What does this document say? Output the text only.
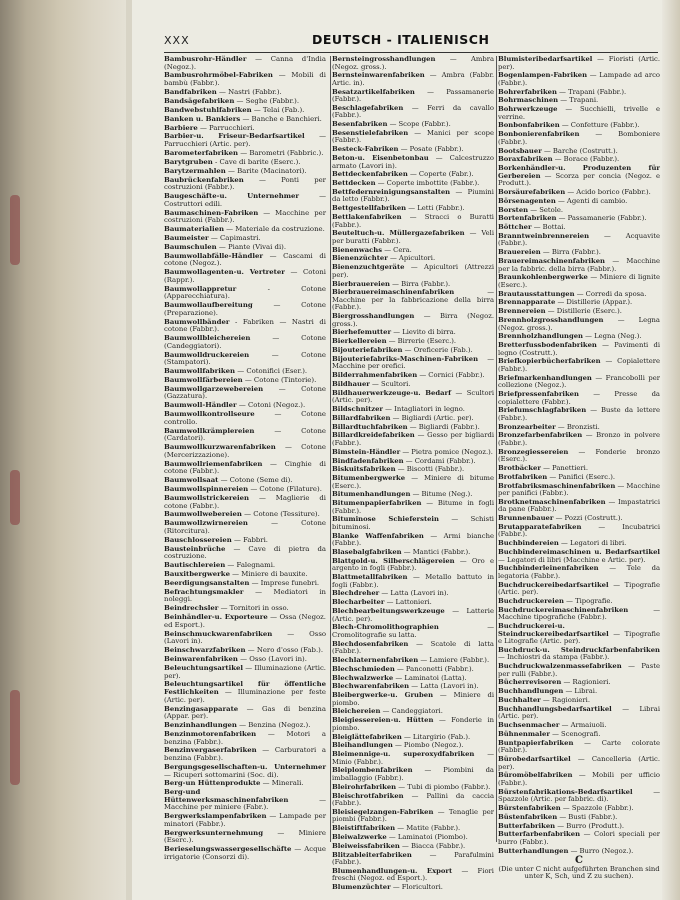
XXX	DEUTSCH - ITALIENISCH
Bambusrohr-Händler — Canna d'India (Negoz.).
Bambusrohrmöbel-Fabriken — Mobili di bambù (Fabbr.).
Bandfabriken — Nastri (Fabbr.).
Bandsägefabriken — Seghe (Fabbr.).
Bandwebstuhlfabriken — Telai (Fab.).
Banken u. Bankiers — Banche e Banchieri.
Barbiere — Parrucchieri.
Barbier-u. Friseur-Bedarfsartikel — Parrucchieri (Artic. per).
Barometerfabriken — Barometri (Fabbric.).
Barytgruben - Cave di barite (Eserc.).
Barytzermahlen — Barite (Macinatori).
Baubrückenfabriken — Ponti per costruzioni (Fabbr.).
Baugeschäfte-u. Unternehmer	— Costruttori edili.
Baumaschinen-Fabriken — Macchine per costruzioni (Fabbr.).
Baumaterialien — Materiale da costruzione.
Baumeister — Capimastri.
Baumschulen — Piante (Vivai di).
Baumwollabfälle-Händler — Cascami di cotone (Negoz.).
Baumwollagenten-u. Vertreter — Cotoni (Rappr.).
Baumwollappretur	- Cotone (Apparecchiatura).
Baumwollaufbereitung	— Cotone (Preparazione).
Baumwollbänder - Fabriken — Nastri di cotone (Fabbr.).
Baumwollbleichereien	— Cotone (Candeggiatori).
Baumwolldruckereien	— Cotone (Stampatori).
Baumwollfabriken — Cotonifici (Eser.).
Baumwollfärbereien — Cotone (Tintorie).
Baumwollgarzewebereien — Cotone (Gazzatura).
Baumwoll-Händler — Cotoni (Negoz.).
Baumwollkontrollseure	— Cotone controllo.
Baumwollkrämplereien	— Cotone (Cardatori).
Baumwollkurzwarenfabriken — Cotone (Mercerizzazione).
Baumwollriemenfabriken — Cinghie di cotone (Fabbr.).
Baumwollsaat — Cotone (Seme di).
Baumwollspinnereien — Cotone (Filature).
Baumwollstrickereien — Maglierie di cotone (Fabbr.).
Baumwollwebereien — Cotone (Tessiture).
Baumwollzwirnereien	— Cotone (Ritorcitura).
Bauschlossereien — Fabbri.
Bausteinbrüche — Cave di pietra da costruzione.
Bautischlereien — Falegnami.
Bauxitbergwerke — Miniere di bauxite.
Beerdigungsanstalten — Imprese funebri.
Befrachtungsmakler — Mediatori in noleggi.
Beindrechsler — Tornitori in osso.
Beinhändler-u. Exporteure — Ossa (Negoz. ed Esport.).
Beinschmuckwarenfabriken — Osso (Lavori in).
Beinschwarzfabriken — Nero d'osso (Fab.).
Beinwarenfabriken — Osso (Lavori in).
Beleuchtungsartikel — Illuminazione (Artic. per).
Beleuchtungsartikel für öffentliche Festlichkeiten — Illuminazione per feste (Artic. per).
Benzingasapparate — Gas di benzina (Appar. per).
Benzinhandlungen — Benzina (Negoz.).
Benzinmotorenfabriken — Motori a benzina (Fabbr.).
Benzinvergaserfabriken — Carburatori a benzina (Fabbr.).
Bergungsgesellschaften-u. Unternehmer — Ricuperi sottomarini (Soc. di).
Berg-un Hüttenprodukte — Minerali.
Berg-und Hüttenwerksmaschinenfabriken	— Macchine per miniere (Fabr.).
Bergwerkslampenfabriken — Lampade per minatori (Fabbr.).
Bergwerksunternehmung — Miniere (Eserc.).
Berieselungswassergesellschäfte — Acque irrigatorie (Consorzi di).
Bernsteingrosshandlungen — Ambra (Negoz. gross.).
Bernsteinwarenfabriken — Ambra (Fabbr. Artic. in).
Besatzartikelfabriken — Passamanerie (Fabbr.).
Beschlagefabriken — Ferri da cavallo (Fabbr.).
Besenfabriken — Scope (Fabbr.).
Besenstielefabriken — Manici per scope (Fabbr.).
Besteck-Fabriken — Posate (Fabbr.).
Beton-u. Eisenbetonbau — Calcestruzzo armato (Lavori in).
Bettdeckenfabriken — Coperte (Fabr.).
Bettdecken — Coperte imbottite (Fabbr.).
Bettfedernreinigungsanstalten — Piumini da letto (Fabbr.).
Bettgestellfabriken — Letti (Fabbr.).
Bettlakenfabriken — Stracci o Buratti (Fabbr.).
Beuteltuch-u. Müllergazefabriken — Veli per buratti (Fabbr.).
Bienenwachs — Cera.
Bienenzüchter — Apicultori.
Bienenzuchtgeräte — Apicultori (Attrezzi per).
Bierbrauereien — Birra (Fabbr.).
Bierbrauereimaschinenfabriken	— Macchine per la fabbricazione della birra (Fabbr.).
Biergrosshandlungen — Birra (Negoz. gross.).
Bierhefemutter — Lievito di birra.
Bierkellereien — Birrerie (Eserc.).
Bijouteriefabriken — Oreficerie (Fab.).
Bijouteriefabriks-Maschinen-Fabriken — Macchine per orefici.
Bilderrahmenfabriken — Cornici (Fabbr.).
Bildhauer — Scultori.
Bildhauerwerkzeuge-u. Bedarf — Scultori (Artic. per).
Bildschnitzer — Intagliatori in legno.
Billardfabriken — Bigliardi (Artic. per).
Billardtuchfabriken — Bigliardi (Fabbr.).
Billardkreidefabriken — Gesso per bigliardi (Fabbr.).
Bimstein-Händler — Pietra pomice (Negoz.).
Bindfadenfabriken — Cordami (Fabbr.).
Biskuitsfabriken — Biscotti (Fabbr.).
Bitumenbergwerke — Miniere di bitume (Eserc.).
Bitumenhandlungen — Bitume (Neg.).
Bitumenpapierfabriken — Bitume in fogli (Fabbr.).
Bituminose Schieferstein — Schisti bituminosi.
Blanke Waffenfabriken — Armi bianche (Fabbr.).
Blasebalgfabriken — Mantici (Fabbr.).
Blattgold-u. Silberschlägereien — Oro e argento in fogli (Fabbr.).
Blattmetallfabriken — Metallo battuto in fogli (Fabbr.).
Blechdreher — Latta (Lavori in).
Blecharbeiter — Lattonieri.
Blechbearbeitungswerkzeuge — Latterie (Artic. per).
Blech-Chromolithographien	— Cromolitografie su latta.
Blechdosenfabriken — Scatole di latta (Fabbr.).
Blechlaternenfabriken — Lamiere (Fabbr.).
Blechschmieden — Panconetti (Fabbr.).
Blechwalzwerke — Laminatoi (Latta).
Blechwarenfabriken — Latta (Lavori in).
Bleibergwerke-u. Gruben — Miniere di piombo.
Bleichereien — Candeggiatori.
Bleigiessereien-u. Hütten — Fonderie in piombo.
Bleiglättefabriken — Litargirio (Fab.).
Bleihandlungen — Piombo (Negoz.).
Bleimennige-u. superoxydfabriken — Minio (Fabbr.).
Bleiplombenfabriken — Piombini da imballaggio (Fabbr.).
Bleirohrfabriken — Tubi di piombo (Fabbr.).
Bleischrotfabriken — Pallini da caccia (Fabbr.).
Bleisiegelzangen-Fabriken — Tenaglie per piombi (Fabbr.).
Bleistiftfabriken — Matite (Fabbr.).
Bleiwalzwerke — Laminatoi (Piombo).
Bleiweissfabriken — Biacca (Fabbr.).
Blitzableiterfabriken	— Parafulmini (Fabbr.).
Blumenhandlungen-u. Export — Fiori freschi (Negoz. ed Esport.).
Blumenzüchter — Floricultori.
Blumisteribedarfsartikel — Fioristi (Artic. per).
Bogenlampen-Fabriken — Lampade ad arco (Fabbr.).
Bohrerfabriken — Trapani (Fabbr.).
Bohrmaschinen — Trapani.
Bohrwerkzeuge — Succhielli, trivelle e verrine.
Bonbonfabriken — Confetture (Fabbr.).
Bonbonierenfabriken — Bomboniere (Fabbr.).
Bootsbauer — Barche (Costrutt.).
Boraxfabriken — Borace (Fabbr.).
Borkenhändler-u. Produzenten für Gerbereien — Scorza per concia (Negoz. e Produtt.).
Borsäurefabriken — Acido borico (Fabbr.).
Börsenagenten — Agenti di cambio.
Borsten — Setole.
Bortenfabriken — Passamanerie (Fabbr.).
Böttcher — Bottai.
Branntweinbrennereien — Acquavite (Fabbr.).
Brauereien — Birra (Fabbr.).
Brauereimaschinenfabriken — Macchine per la fabbric. della birra (Fabbr.).
Braunkohlenbergwerke — Miniere di lignite (Eserc.).
Brautausstattungen — Corredi da sposa.
Brennapparate — Distillerie (Appar.).
Brennereien — Distillerie (Eserc.).
Brennholzgrosshandlungen — Legna (Negoz. gross.).
Brennholzhandlungen — Legna (Neg.).
Bretterfussbodenfabriken — Pavimenti di legno (Costrutt.).
Briefkopierbücherfabriken — Copialettere (Fabbr.).
Briefmarkenhandlungen — Francobolli per collezione (Negoz.).
Briefpressenfabriken — Presse da copialettere (Fabbr.).
Briefumschlagfabriken — Buste da lettere (Fabbr.).
Bronzearbeiter — Bronzisti.
Bronzefarbenfabriken — Bronzo in polvere (Fabbr.).
Bronzegiessereien — Fonderie bronzo (Eserc.).
Brotbäcker — Panettieri.
Brotfabriken — Panifici (Eserc.).
Brotfabriksmaschinenfabriken — Macchine per panifici (Fabbr.).
Brotknetmaschinenfabriken — Impastatrici da pane (Fabbr.).
Brunnenbauer — Pozzi (Costrutt.).
Brutapparatefabriken	— Incubatrici (Fabbr.).
Buchbindereien — Legatori di libri.
Buchbindereimaschinen u. Bedarfsartikel — Legatori di libri (Macchine e Artic. per).
Buchbinderleinenfabriken — Tele da legatoria (Fabbr.).
Buchdruckereibedarfsartikel — Tipografie (Artic. per).
Buchdruckereien — Tipografie.
Buchdruckereimaschinenfabriken	— Macchine tipografiche (Fabbr.).
Buchdruckerei-u. Steindruckereibedarfsartikel — Tipografie e Litografie (Artic. per).
Buchdruck-u. Steindruckfarbenfabriken — Inchiostri da stampa (Fabbr.).
Buchdruckwalzenmassefabriken — Paste per rulli (Fabbr.).
Bücherrevisoren — Ragionieri.
Buchhandlungen — Librai.
Buchhalter — Ragionieri.
Buchhandlungsbedarfsartikel — Librai (Artic. per).
Buchsenmacher — Armaiuoli.
Bühnenmaler — Scenografi.
Buntpapierfabriken — Carte colorate (Fabbr.).
Bürobedarfsartikel — Cancelleria (Artic. per).
Büromöbelfabriken — Mobili per ufficio (Fabbr.).
Bürstenfabrikations-Bedarfsartikel	— Spazzole (Artic. per fabbric. di).
Bürstenfabriken — Spazzole (Fabbr.).
Büstenfabriken — Busti (Fabbr.).
Butterfabriken — Burro (Produtt.).
Butterfarbenfabriken — Colori speciali per burro (Fabbr.).
Butterhandlungen — Burro (Negoz.).
C
(Die unter C nicht aufgeführten Branchen sind unter K, Sch, und Z zu suchen).
